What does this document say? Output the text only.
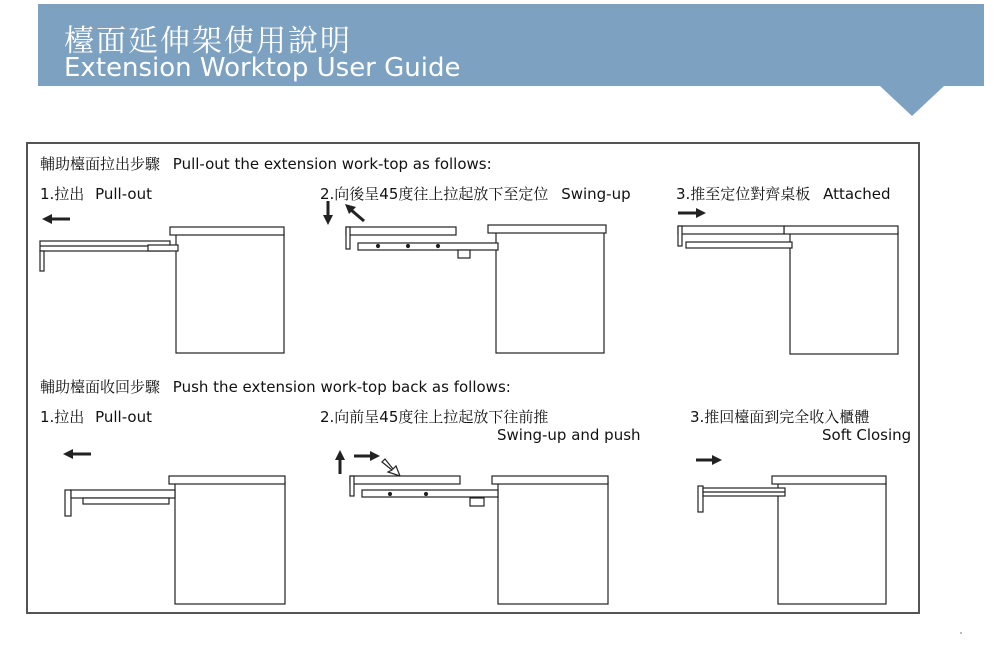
檯面延伸架使用說明
Extension Worktop User Guide
輔助檯面拉出步驟 Pull-out the extension work-top as follows:
1.拉出 Pull-out	2.向後呈45度往上拉起放下至定位 Swing-up	3.推至定位對齊桌板 Attached
輔助檯面收回步驟 Push the extension work-top back as follows:
1.拉出 Pull-out	2.向前呈45度往上拉起放下往前推
Swing-up and push
3.推回檯面到完全收入櫃體
Soft Closing
